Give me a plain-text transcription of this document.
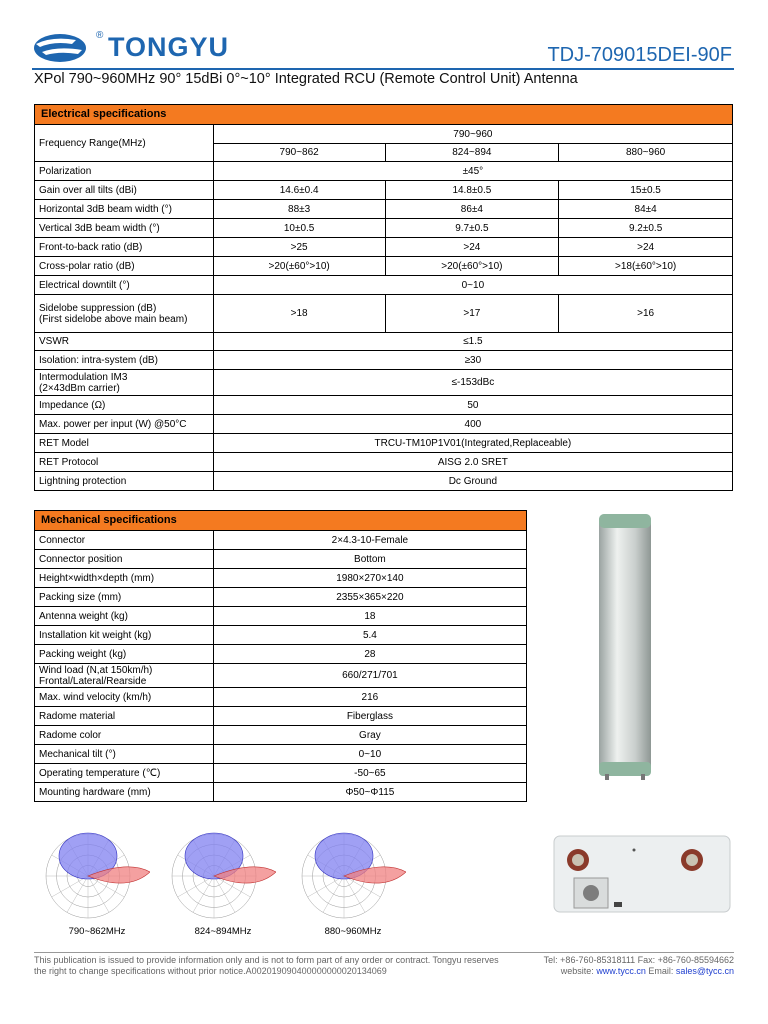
® TONGYU	TDJ-709015DEI-90F
XPol 790~960MHz 90° 15dBi 0°~10° Integrated RCU (Remote Control Unit) Antenna
Electrical specifications			
Frequency Range(MHz)	790~960		
	790~862	824~894	880~960
Polarization	±45°		
Gain over all tilts (dBi)	14.6±0.4	14.8±0.5	15±0.5
Horizontal 3dB beam width (°)	88±3	86±4	84±4
Vertical 3dB beam width (°)	10±0.5	9.7±0.5	9.2±0.5
Front-to-back ratio (dB)	>25	>24	>24
Cross-polar ratio (dB)	>20(±60°>10)	>20(±60°>10)	>18(±60°>10)
Electrical downtilt (°)	0~10		
Sidelobe suppression (dB)
(First sidelobe above main beam)	>18	>17	>16
VSWR	≤1.5		
Isolation: intra-system (dB)	≥30		
Intermodulation IM3
(2×43dBm carrier)	≤-153dBc		
Impedance (Ω)	50		
Max. power per input (W) @50°C	400		
RET Model	TRCU-TM10P1V01(Integrated,Replaceable)		
RET Protocol	AISG 2.0 SRET		
Lightning protection	Dc Ground		
Mechanical specifications	
Connector	2×4.3-10-Female
Connector position	Bottom
Height×width×depth (mm)	1980×270×140
Packing size (mm)	2355×365×220
Antenna weight (kg)	18
Installation kit weight (kg)	5.4
Packing weight (kg)	28
Wind load (N,at 150km/h)
Frontal/Lateral/Rearside	660/271/701
Max. wind velocity (km/h)	216
Radome material	Fiberglass
Radome color	Gray
Mechanical tilt (°)	0~10
Operating temperature (℃)	-50~65
Mounting hardware (mm)	Φ50~Φ115
790~862MHz	824~894MHz	880~960MHz
This publication is issued to provide information only and is not to form part of any order or contract. Tongyu reserves the right to change specifications without prior notice.A002019090400000000020134069
Tel: +86-760-85318111 Fax: +86-760-85594662
website: www.tycc.cn Email: sales@tycc.cn
